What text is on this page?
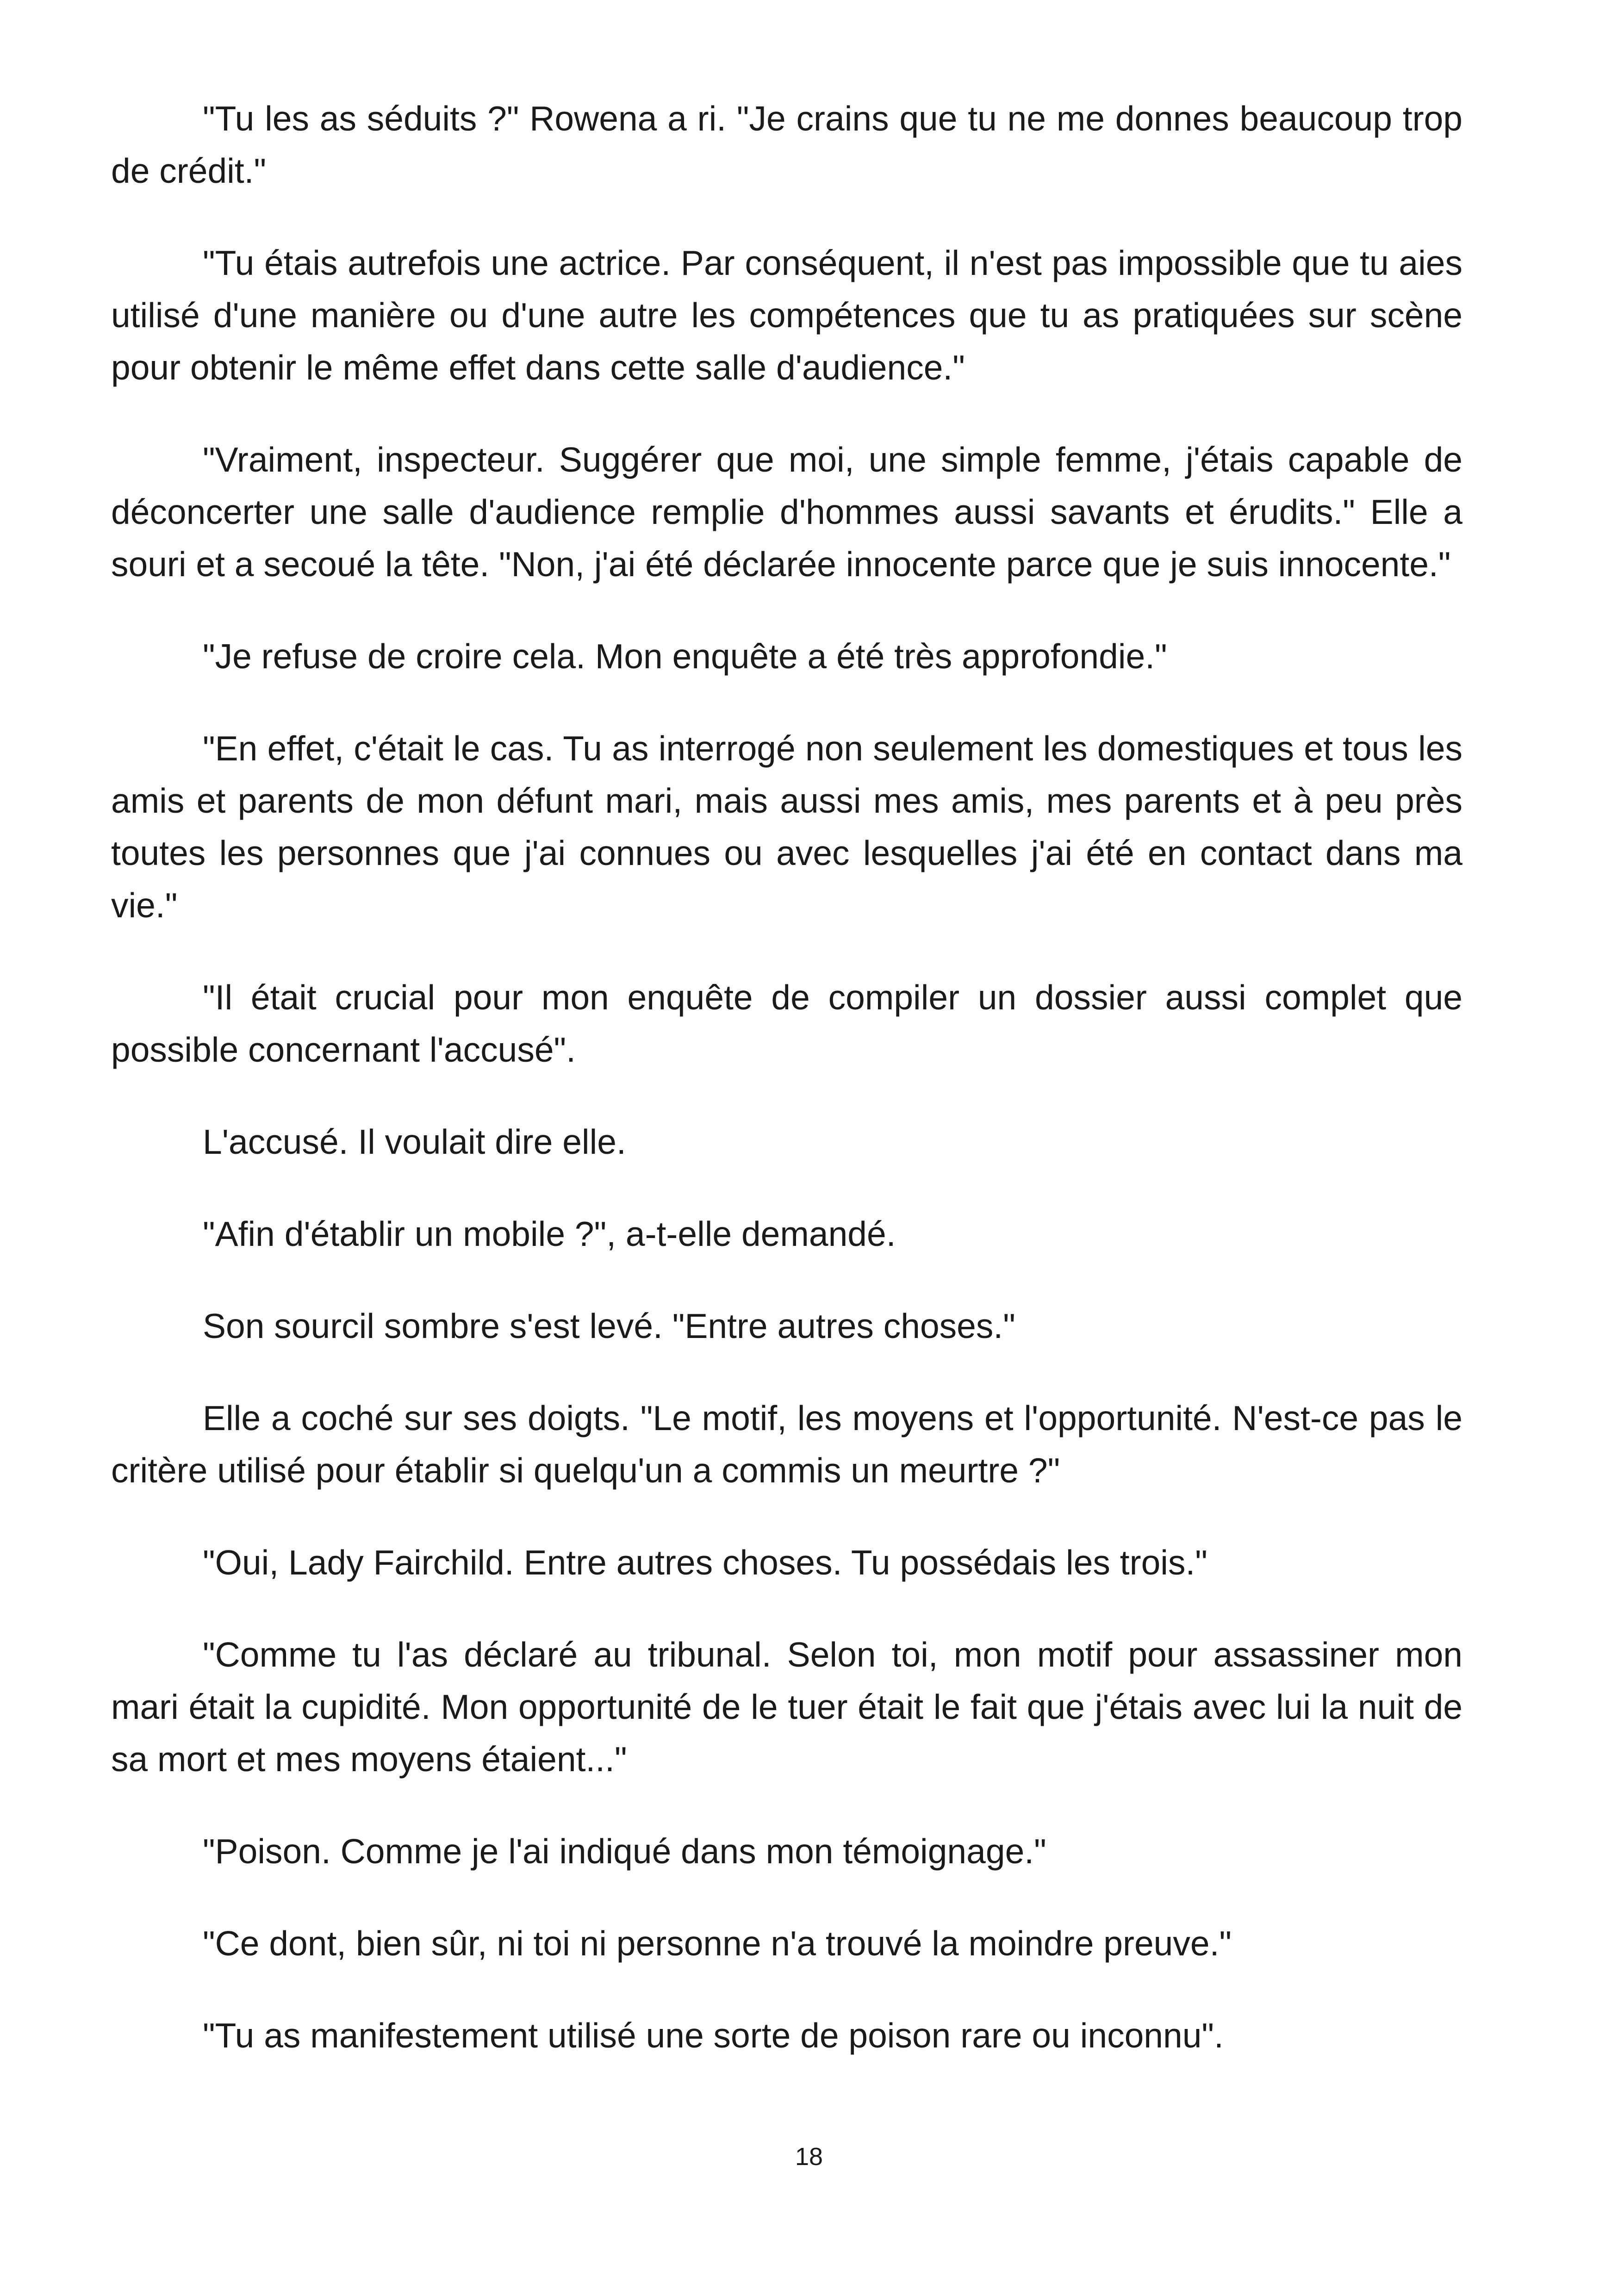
"Tu les as séduits ?" Rowena a ri. "Je crains que tu ne me donnes beaucoup trop de crédit."

"Tu étais autrefois une actrice. Par conséquent, il n'est pas impossible que tu aies utilisé d'une manière ou d'une autre les compétences que tu as pratiquées sur scène pour obtenir le même effet dans cette salle d'audience."

"Vraiment, inspecteur. Suggérer que moi, une simple femme, j'étais capable de déconcerter une salle d'audience remplie d'hommes aussi savants et érudits." Elle a souri et a secoué la tête. "Non, j'ai été déclarée innocente parce que je suis innocente."

"Je refuse de croire cela. Mon enquête a été très approfondie."

"En effet, c'était le cas. Tu as interrogé non seulement les domestiques et tous les amis et parents de mon défunt mari, mais aussi mes amis, mes parents et à peu près toutes les personnes que j'ai connues ou avec lesquelles j'ai été en contact dans ma vie."

"Il était crucial pour mon enquête de compiler un dossier aussi complet que possible concernant l'accusé".

L'accusé. Il voulait dire elle.

"Afin d'établir un mobile ?", a-t-elle demandé.

Son sourcil sombre s'est levé. "Entre autres choses."

Elle a coché sur ses doigts. "Le motif, les moyens et l'opportunité. N'est-ce pas le critère utilisé pour établir si quelqu'un a commis un meurtre ?"

"Oui, Lady Fairchild. Entre autres choses. Tu possédais les trois."

"Comme tu l'as déclaré au tribunal. Selon toi, mon motif pour assassiner mon mari était la cupidité. Mon opportunité de le tuer était le fait que j'étais avec lui la nuit de sa mort et mes moyens étaient..."

"Poison. Comme je l'ai indiqué dans mon témoignage."

"Ce dont, bien sûr, ni toi ni personne n'a trouvé la moindre preuve."

"Tu as manifestement utilisé une sorte de poison rare ou inconnu".

18
